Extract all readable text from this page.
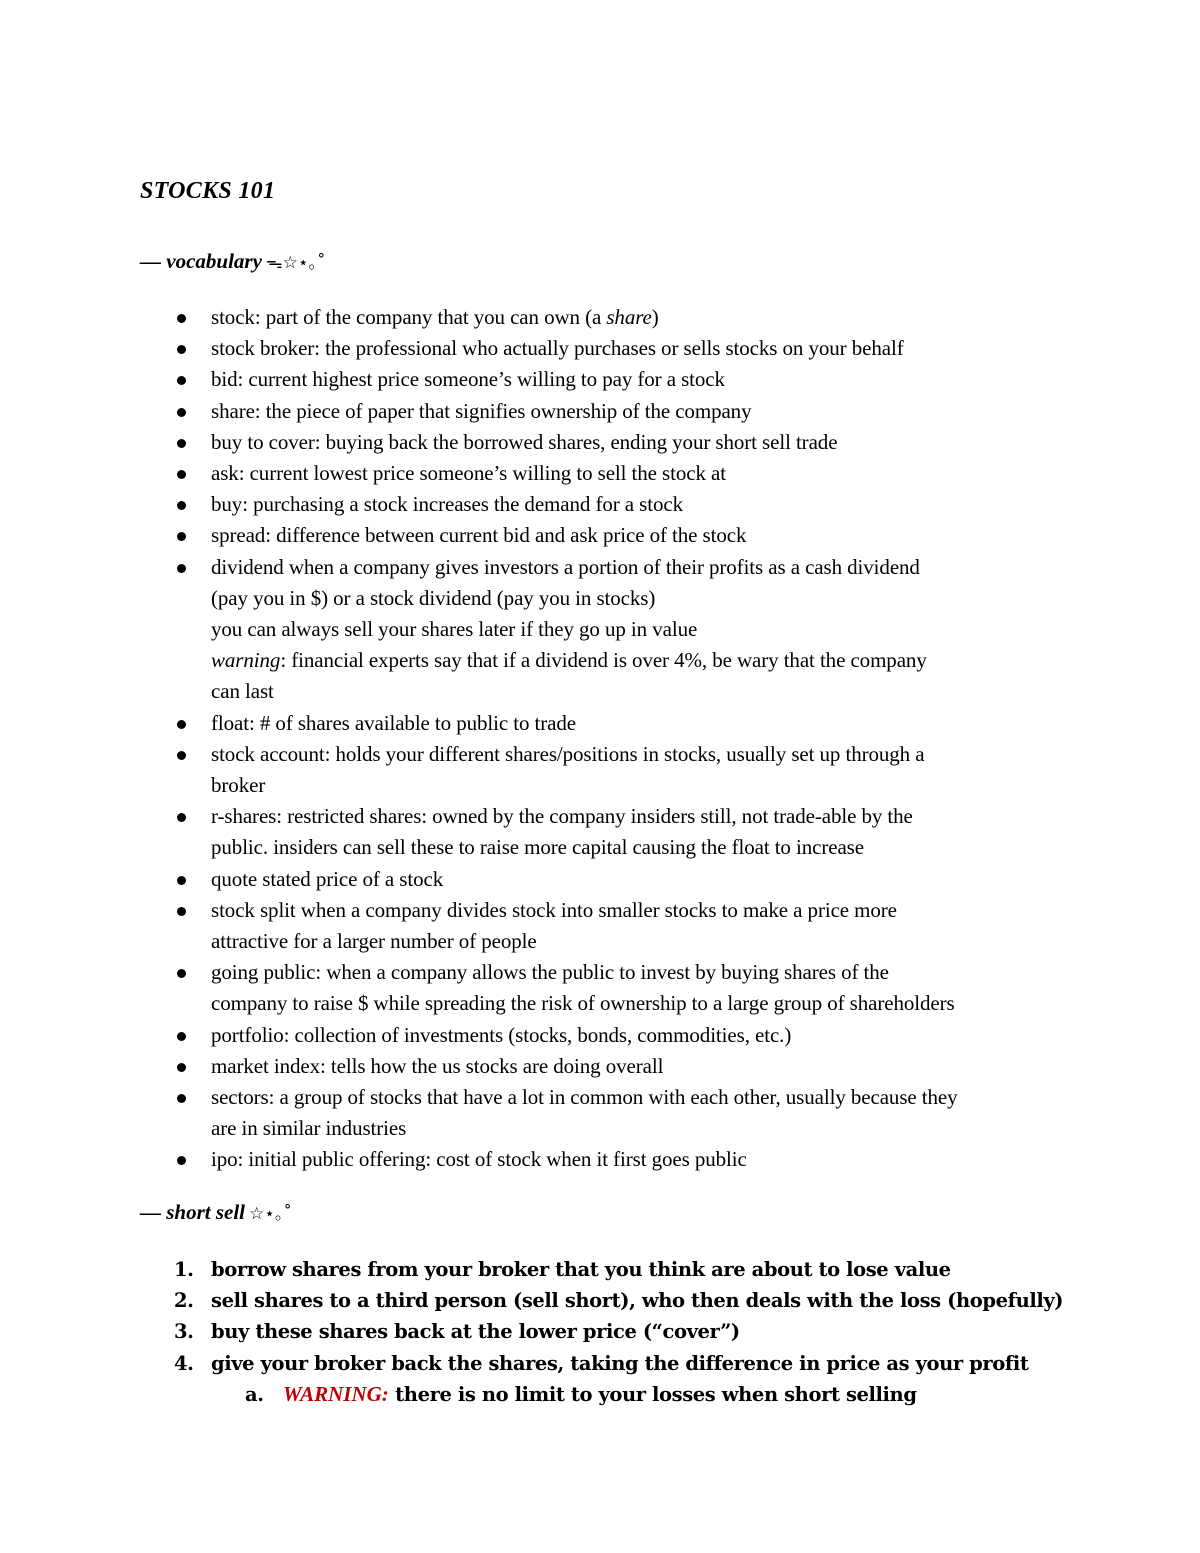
STOCKS 101
— vocabulary ᯓ☆⋆｡˚
stock: part of the company that you can own (a share)
stock broker: the professional who actually purchases or sells stocks on your behalf
bid: current highest price someone’s willing to pay for a stock
share: the piece of paper that signifies ownership of the company
buy to cover: buying back the borrowed shares, ending your short sell trade
ask: current lowest price someone’s willing to sell the stock at
buy: purchasing a stock increases the demand for a stock
spread: difference between current bid and ask price of the stock
dividend when a company gives investors a portion of their profits as a cash dividend
(pay you in $) or a stock dividend (pay you in stocks)
you can always sell your shares later if they go up in value
warning: financial experts say that if a dividend is over 4%, be wary that the company
can last
float: # of shares available to public to trade
stock account: holds your different shares/positions in stocks, usually set up through a
broker
r-shares: restricted shares: owned by the company insiders still, not trade-able by the
public. insiders can sell these to raise more capital causing the float to increase
quote stated price of a stock
stock split when a company divides stock into smaller stocks to make a price more
attractive for a larger number of people
going public: when a company allows the public to invest by buying shares of the
company to raise $ while spreading the risk of ownership to a large group of shareholders
portfolio: collection of investments (stocks, bonds, commodities, etc.)
market index: tells how the us stocks are doing overall
sectors: a group of stocks that have a lot in common with each other, usually because they
are in similar industries
ipo: initial public offering: cost of stock when it first goes public
— short sell ☆⋆｡˚
1. borrow shares from your broker that you think are about to lose value
2. sell shares to a third person (sell short), who then deals with the loss (hopefully)
3. buy these shares back at the lower price (“cover”)
4. give your broker back the shares, taking the difference in price as your profit
a. WARNING: there is no limit to your losses when short selling
